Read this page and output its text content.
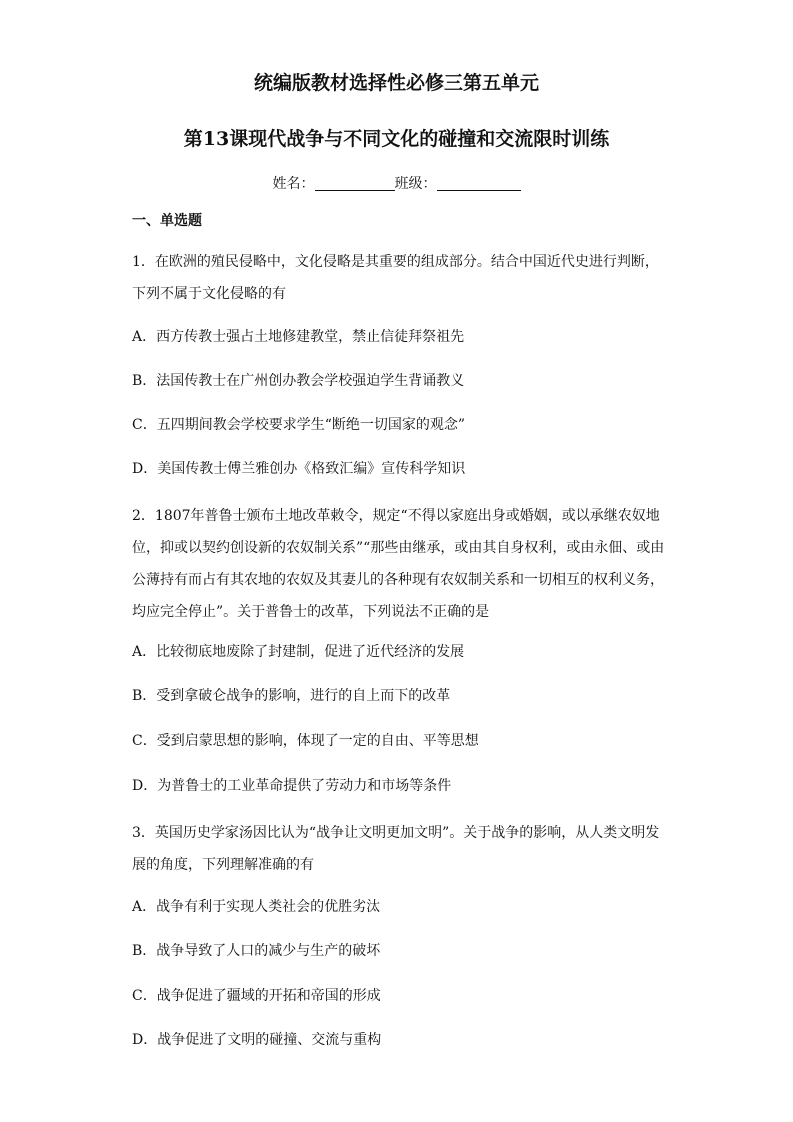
统编版教材选择性必修三第五单元
第13课现代战争与不同文化的碰撞和交流限时训练
姓名：	班级：
一、单选题

1．在欧洲的殖民侵略中，文化侵略是其重要的组成部分。结合中国近代史进行判断，下列不属于文化侵略的有

A．西方传教士强占土地修建教堂，禁止信徒拜祭祖先

B．法国传教士在广州创办教会学校强迫学生背诵教义

C．五四期间教会学校要求学生“断绝一切国家的观念”

D．美国传教士傅兰雅创办《格致汇编》宣传科学知识

2．1807年普鲁士颁布土地改革敕令，规定“不得以家庭出身或婚姻，或以承继农奴地位，抑或以契约创设新的农奴制关系”“那些由继承，或由其自身权利，或由永佃、或由公薄持有而占有其农地的农奴及其妻儿的各种现有农奴制关系和一切相互的权利义务，均应完全停止”。关于普鲁士的改革，下列说法不正确的是

A．比较彻底地废除了封建制，促进了近代经济的发展

B．受到拿破仑战争的影响，进行的自上而下的改革

C．受到启蒙思想的影响，体现了一定的自由、平等思想

D．为普鲁士的工业革命提供了劳动力和市场等条件

3．英国历史学家汤因比认为“战争让文明更加文明”。关于战争的影响，从人类文明发展的角度，下列理解准确的有

A．战争有利于实现人类社会的优胜劣汰

B．战争导致了人口的减少与生产的破坏

C．战争促进了疆域的开拓和帝国的形成

D．战争促进了文明的碰撞、交流与重构
